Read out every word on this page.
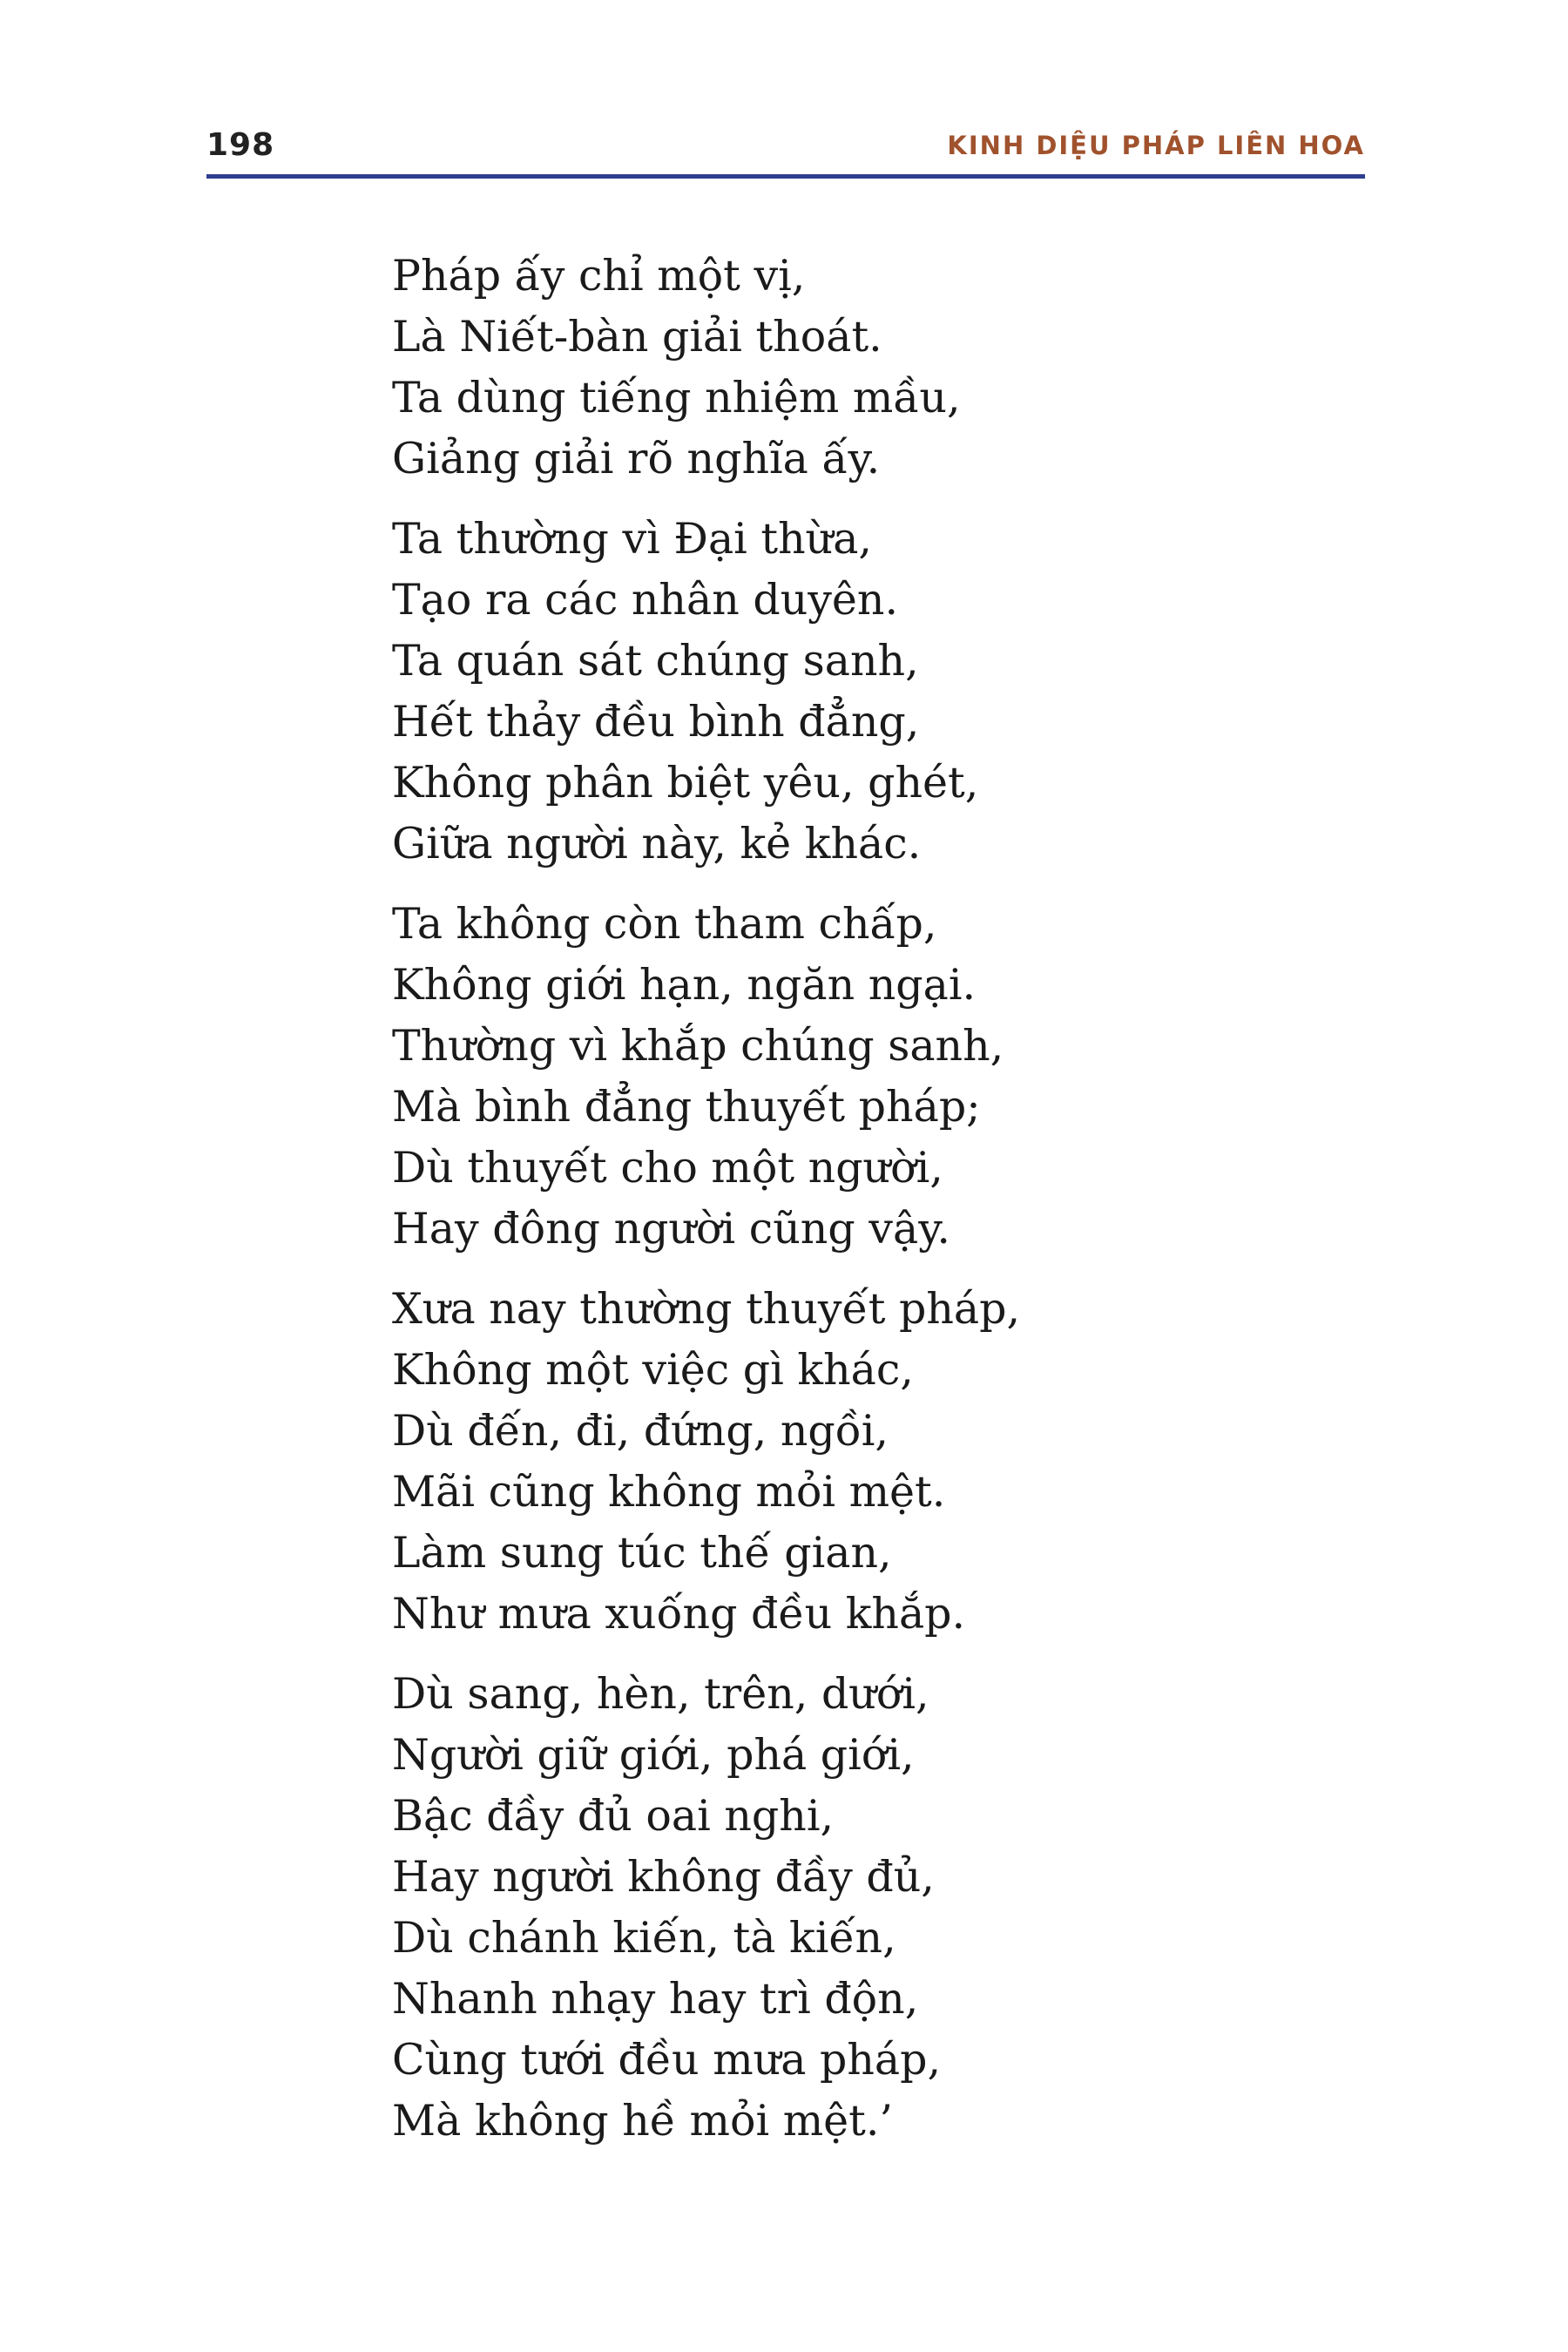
198	KINH DIỆU PHÁP LIÊN HOA
Pháp ấy chỉ một vị,
Là Niết-bàn giải thoát.
Ta dùng tiếng nhiệm mầu,
Giảng giải rõ nghĩa ấy.
Ta thường vì Đại thừa,
Tạo ra các nhân duyên.
Ta quán sát chúng sanh,
Hết thảy đều bình đẳng,
Không phân biệt yêu, ghét,
Giữa người này, kẻ khác.
Ta không còn tham chấp,
Không giới hạn, ngăn ngại.
Thường vì khắp chúng sanh,
Mà bình đẳng thuyết pháp;
Dù thuyết cho một người,
Hay đông người cũng vậy.
Xưa nay thường thuyết pháp,
Không một việc gì khác,
Dù đến, đi, đứng, ngồi,
Mãi cũng không mỏi mệt.
Làm sung túc thế gian,
Như mưa xuống đều khắp.
Dù sang, hèn, trên, dưới,
Người giữ giới, phá giới,
Bậc đầy đủ oai nghi,
Hay người không đầy đủ,
Dù chánh kiến, tà kiến,
Nhanh nhạy hay trì độn,
Cùng tưới đều mưa pháp,
Mà không hề mỏi mệt.’
